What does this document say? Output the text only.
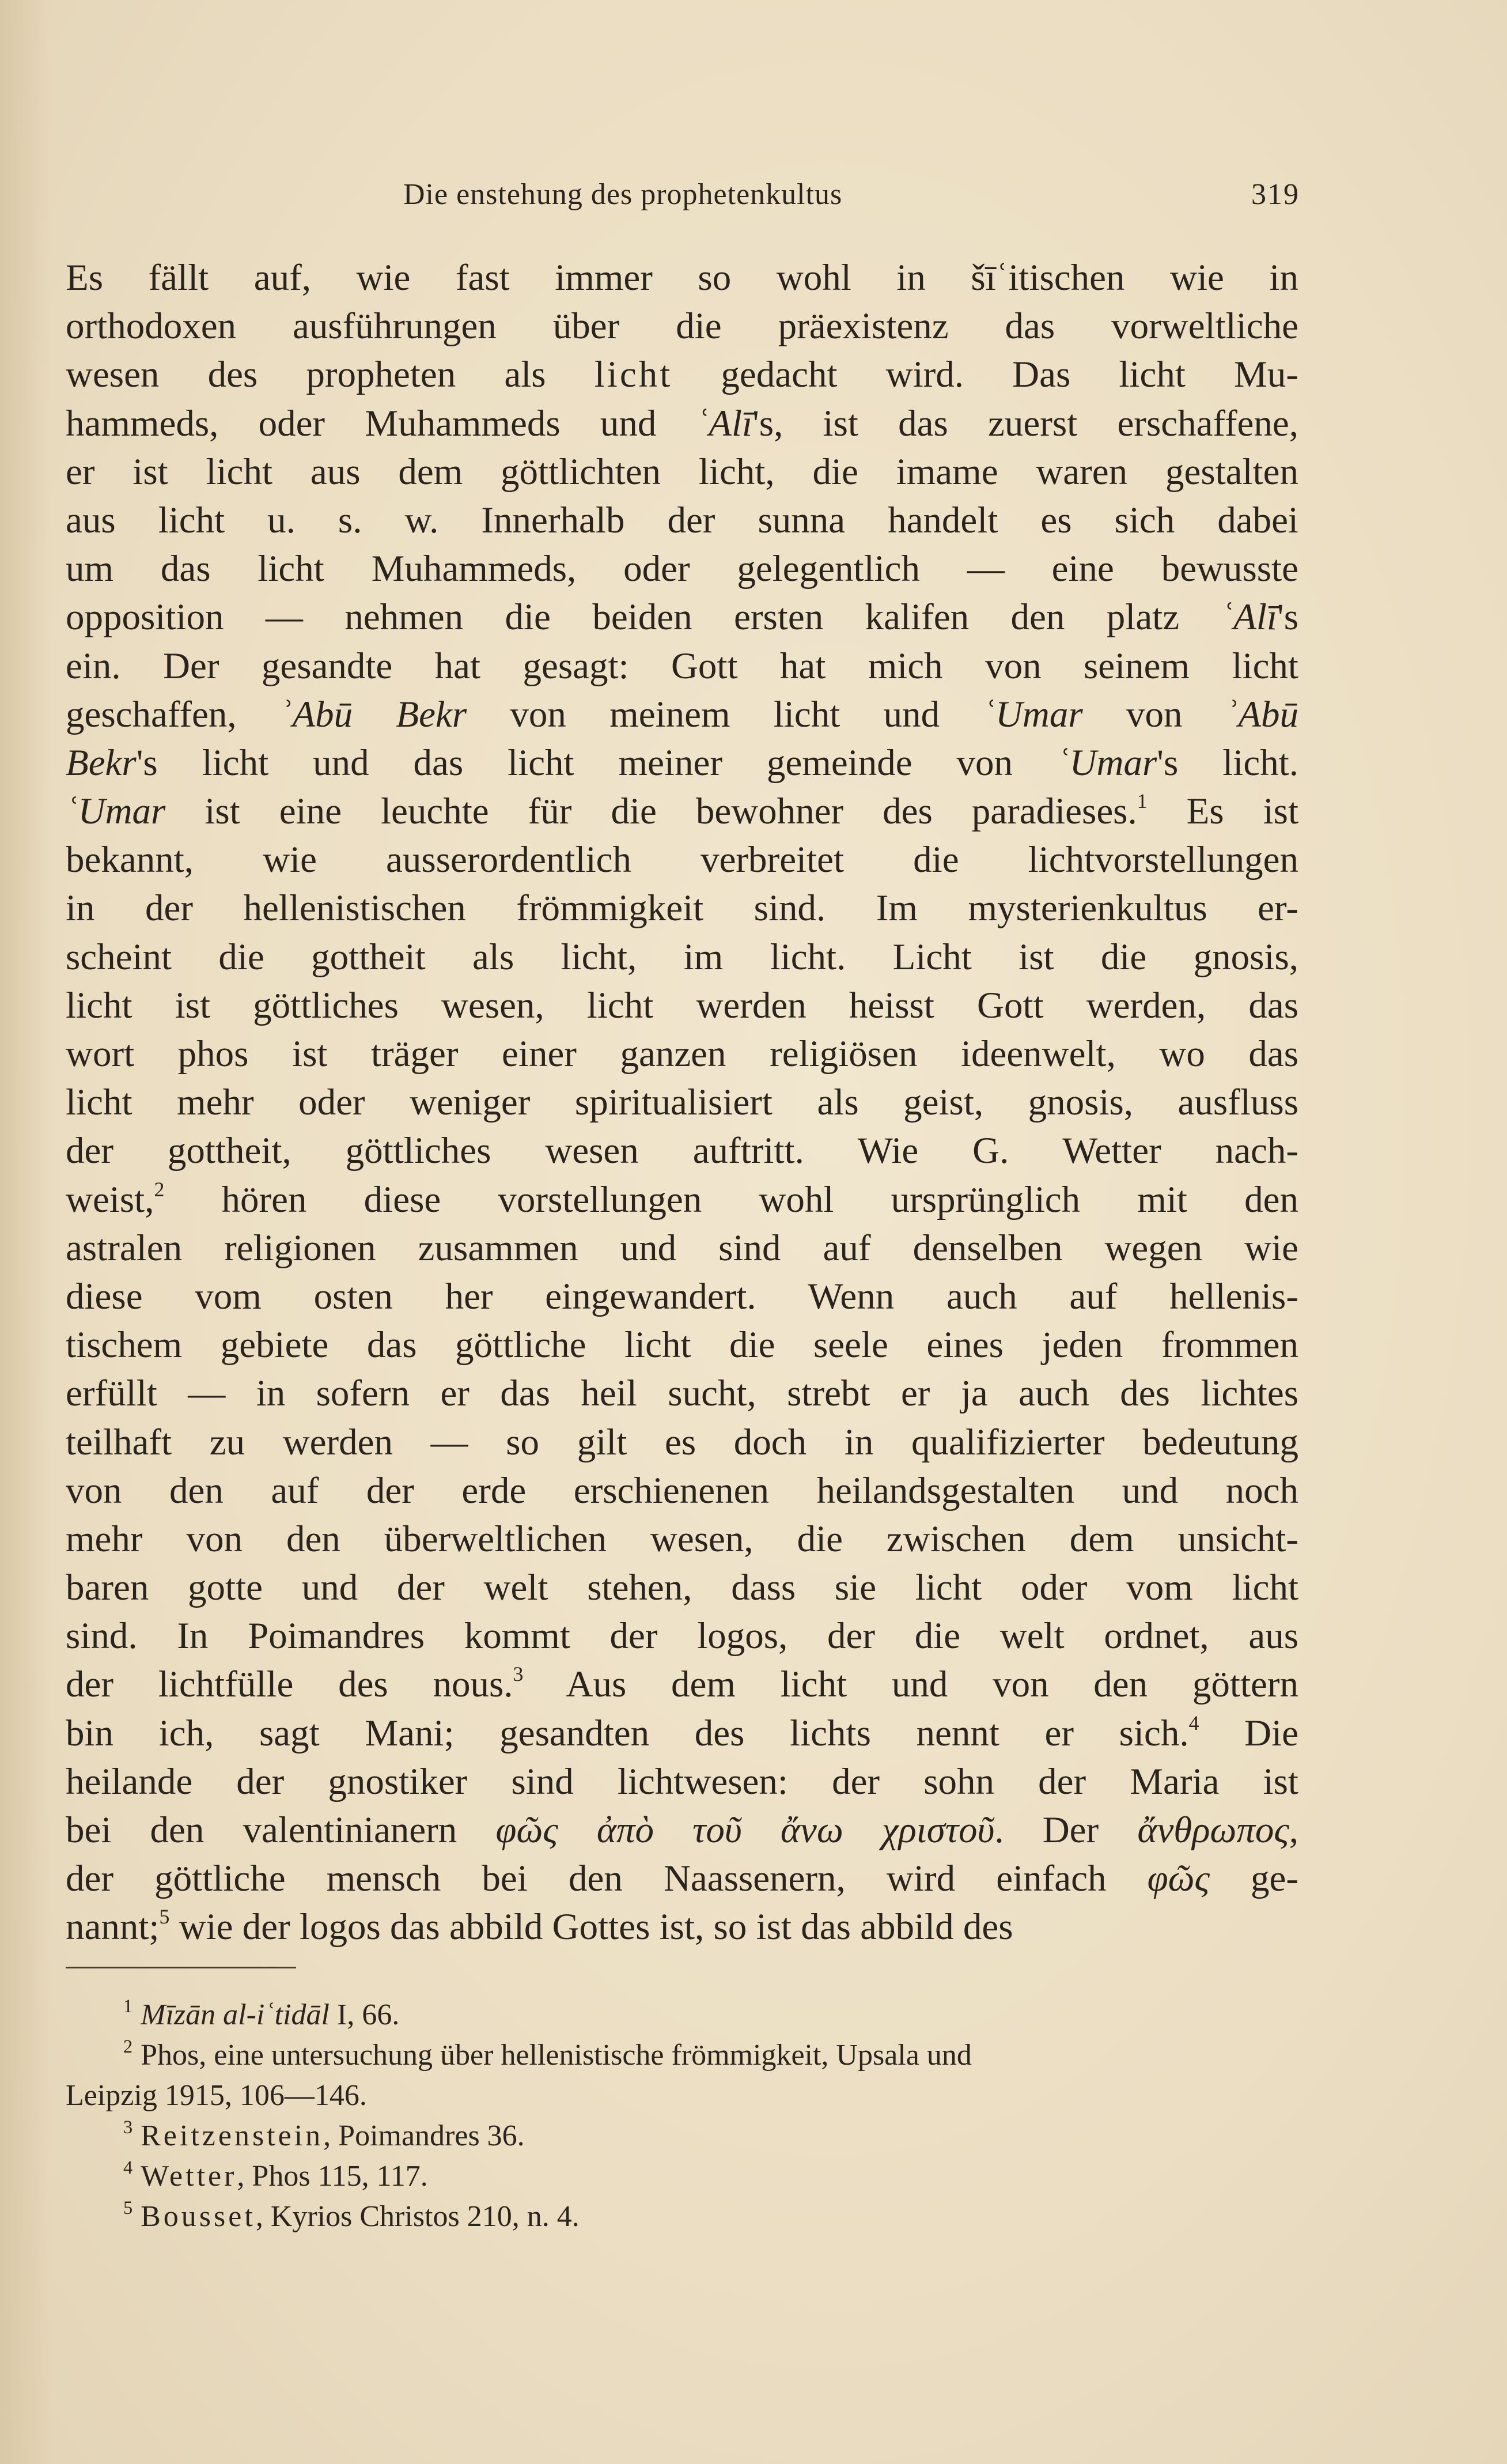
Die enstehung des prophetenkultus	319
Es fällt auf, wie fast immer so wohl in šīʿitischen wie in
orthodoxen ausführungen über die präexistenz das vorweltliche
wesen des propheten als licht gedacht wird. Das licht Mu-
hammeds, oder Muhammeds und ʿAlī's, ist das zuerst erschaffene,
er ist licht aus dem göttlichten licht, die imame waren gestalten
aus licht u. s. w. Innerhalb der sunna handelt es sich dabei
um das licht Muhammeds, oder gelegentlich — eine bewusste
opposition — nehmen die beiden ersten kalifen den platz ʿAlī's
ein. Der gesandte hat gesagt: Gott hat mich von seinem licht
geschaffen, ʾAbū Bekr von meinem licht und ʿUmar von ʾAbū
Bekr's licht und das licht meiner gemeinde von ʿUmar's licht.
ʿUmar ist eine leuchte für die bewohner des paradieses.$^1$ Es ist
bekannt, wie ausserordentlich verbreitet die lichtvorstellungen
in der hellenistischen frömmigkeit sind. Im mysterienkultus er-
scheint die gottheit als licht, im licht. Licht ist die gnosis,
licht ist göttliches wesen, licht werden heisst Gott werden, das
wort phos ist träger einer ganzen religiösen ideenwelt, wo das
licht mehr oder weniger spiritualisiert als geist, gnosis, ausfluss
der gottheit, göttliches wesen auftritt. Wie G. Wetter nach-
weist,$^2$ hören diese vorstellungen wohl ursprünglich mit den
astralen religionen zusammen und sind auf denselben wegen wie
diese vom osten her eingewandert. Wenn auch auf hellenis-
tischem gebiete das göttliche licht die seele eines jeden frommen
erfüllt — in sofern er das heil sucht, strebt er ja auch des lichtes
teilhaft zu werden — so gilt es doch in qualifizierter bedeutung
von den auf der erde erschienenen heilandsgestalten und noch
mehr von den überweltlichen wesen, die zwischen dem unsicht-
baren gotte und der welt stehen, dass sie licht oder vom licht
sind. In Poimandres kommt der logos, der die welt ordnet, aus
der lichtfülle des nous.$^3$ Aus dem licht und von den göttern
bin ich, sagt Mani; gesandten des lichts nennt er sich.$^4$ Die
heilande der gnostiker sind lichtwesen: der sohn der Maria ist
bei den valentinianern φῶς ἀπὸ τοῦ ἄνω χριστοῦ. Der ἄνθρωπος,
der göttliche mensch bei den Naassenern, wird einfach φῶς ge-
nannt;$^5$ wie der logos das abbild Gottes ist, so ist das abbild des
$^1$ Mīzān al-iʿtidāl I, 66.
$^2$ Phos, eine untersuchung über hellenistische frömmigkeit, Upsala und
Leipzig 1915, 106—146.
$^3$ Reitzenstein, Poimandres 36.
$^4$ Wetter, Phos 115, 117.
$^5$ Bousset, Kyrios Christos 210, n. 4.
